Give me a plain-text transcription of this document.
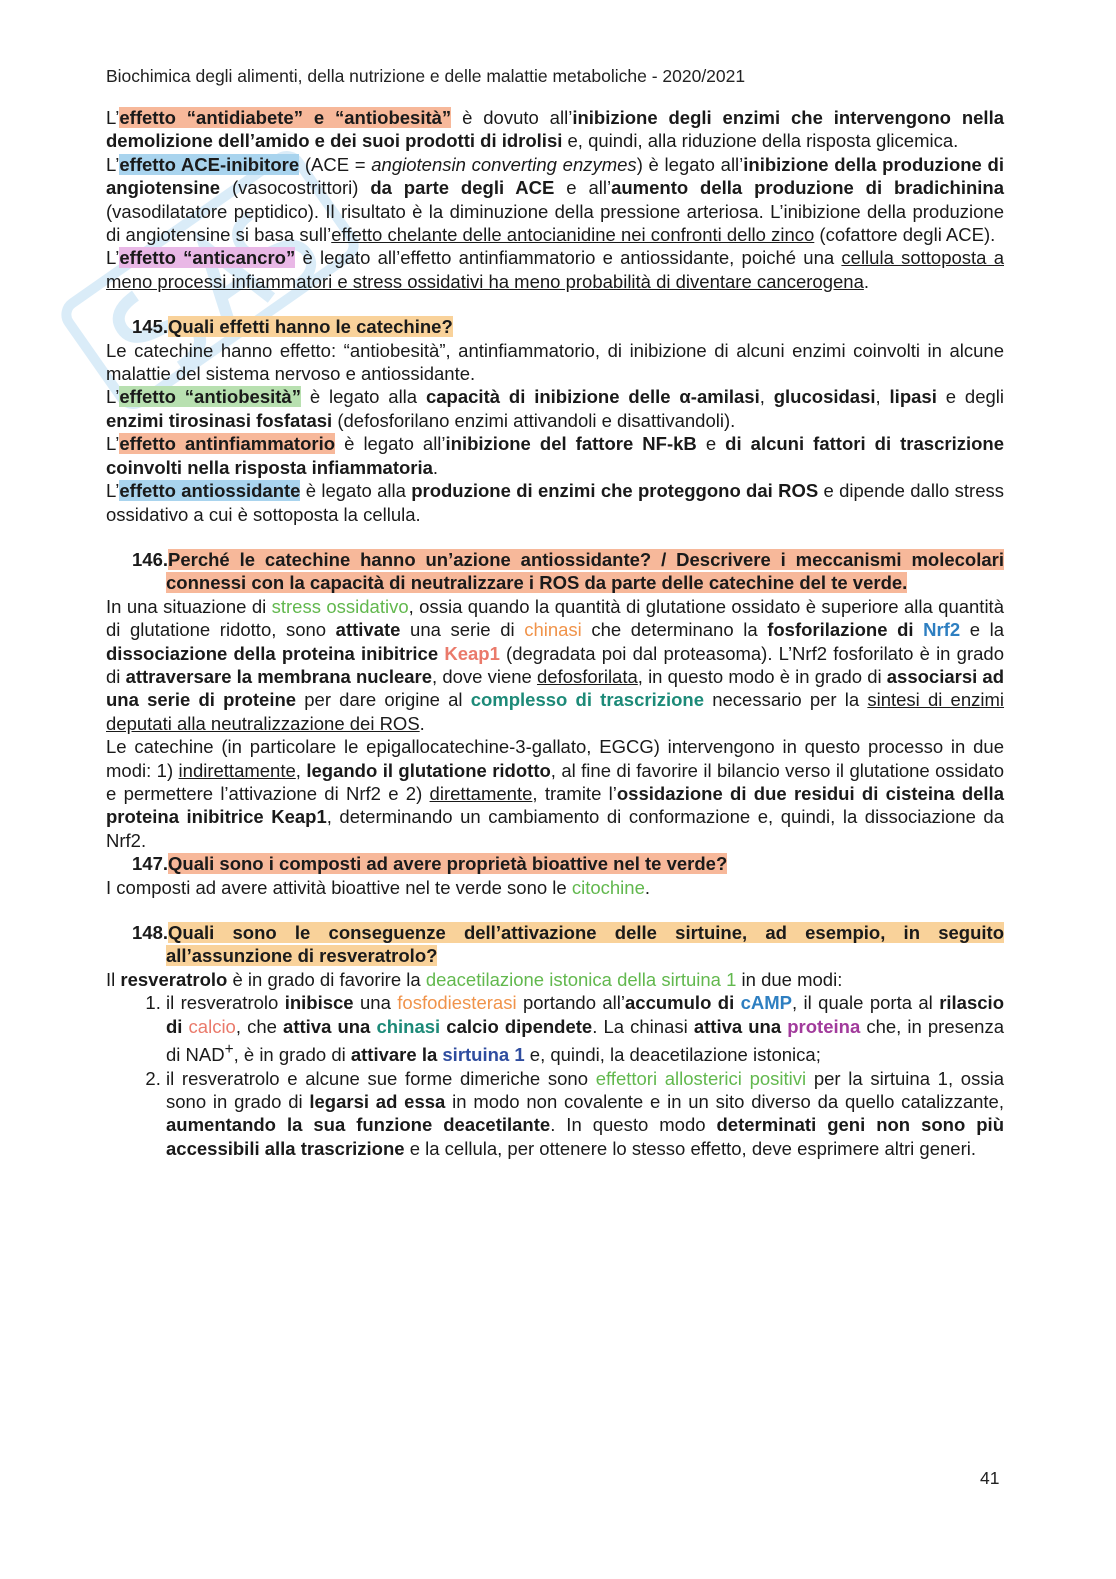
Biochimica degli alimenti, della nutrizione e delle malattie metaboliche - 2020/2021

L’effetto “antidiabete” e “antiobesità” è dovuto all’inibizione degli enzimi che intervengono nella demolizione dell’amido e dei suoi prodotti di idrolisi e, quindi, alla riduzione della risposta glicemica.

L’effetto ACE-inibitore (ACE = angiotensin converting enzymes) è legato all’inibizione della produzione di angiotensine (vasocostrittori) da parte degli ACE e all’aumento della produzione di bradichinina (vasodilatatore peptidico). Il risultato è la diminuzione della pressione arteriosa. L’inibizione della produzione di angiotensine si basa sull’effetto chelante delle antocianidine nei confronti dello zinco (cofattore degli ACE).

L’effetto “anticancro” è legato all’effetto antinfiammatorio e antiossidante, poiché una cellula sottoposta a meno processi infiammatori e stress ossidativi ha meno probabilità di diventare cancerogena.

145.Quali effetti hanno le catechine?

Le catechine hanno effetto: “antiobesità”, antinfiammatorio, di inibizione di alcuni enzimi coinvolti in alcune malattie del sistema nervoso e antiossidante.

L’effetto “antiobesità” è legato alla capacità di inibizione delle α-amilasi, glucosidasi, lipasi e degli enzimi tirosinasi fosfatasi (defosforilano enzimi attivandoli e disattivandoli).

L’effetto antinfiammatorio è legato all’inibizione del fattore NF-kB e di alcuni fattori di trascrizione coinvolti nella risposta infiammatoria.

L’effetto antiossidante è legato alla produzione di enzimi che proteggono dai ROS e dipende dallo stress ossidativo a cui è sottoposta la cellula.

146.Perché le catechine hanno un’azione antiossidante? / Descrivere i meccanismi molecolari connessi con la capacità di neutralizzare i ROS da parte delle catechine del te verde.

In una situazione di stress ossidativo, ossia quando la quantità di glutatione ossidato è superiore alla quantità di glutatione ridotto, sono attivate una serie di chinasi che determinano la fosforilazione di Nrf2 e la dissociazione della proteina inibitrice Keap1 (degradata poi dal proteasoma). L’Nrf2 fosforilato è in grado di attraversare la membrana nucleare, dove viene defosforilata, in questo modo è in grado di associarsi ad una serie di proteine per dare origine al complesso di trascrizione necessario per la sintesi di enzimi deputati alla neutralizzazione dei ROS.

Le catechine (in particolare le epigallocatechine-3-gallato, EGCG) intervengono in questo processo in due modi: 1) indirettamente, legando il glutatione ridotto, al fine di favorire il bilancio verso il glutatione ossidato e permettere l’attivazione di Nrf2 e 2) direttamente, tramite l’ossidazione di due residui di cisteina della proteina inibitrice Keap1, determinando un cambiamento di conformazione e, quindi, la dissociazione da Nrf2.

147.Quali sono i composti ad avere proprietà bioattive nel te verde?

I composti ad avere attività bioattive nel te verde sono le citochine.

148.Quali sono le conseguenze dell’attivazione delle sirtuine, ad esempio, in seguito all’assunzione di resveratrolo?

Il resveratrolo è in grado di favorire la deacetilazione istonica della sirtuina 1 in due modi:

1. il resveratrolo inibisce una fosfodiesterasi portando all’accumulo di cAMP, il quale porta al rilascio di calcio, che attiva una chinasi calcio dipendete. La chinasi attiva una proteina che, in presenza di NAD+, è in grado di attivare la sirtuina 1 e, quindi, la deacetilazione istonica;
2. il resveratrolo e alcune sue forme dimeriche sono effettori allosterici positivi per la sirtuina 1, ossia sono in grado di legarsi ad essa in modo non covalente e in un sito diverso da quello catalizzante, aumentando la sua funzione deacetilante. In questo modo determinati geni non sono più accessibili alla trascrizione e la cellula, per ottenere lo stesso effetto, deve esprimere altri generi.
41
